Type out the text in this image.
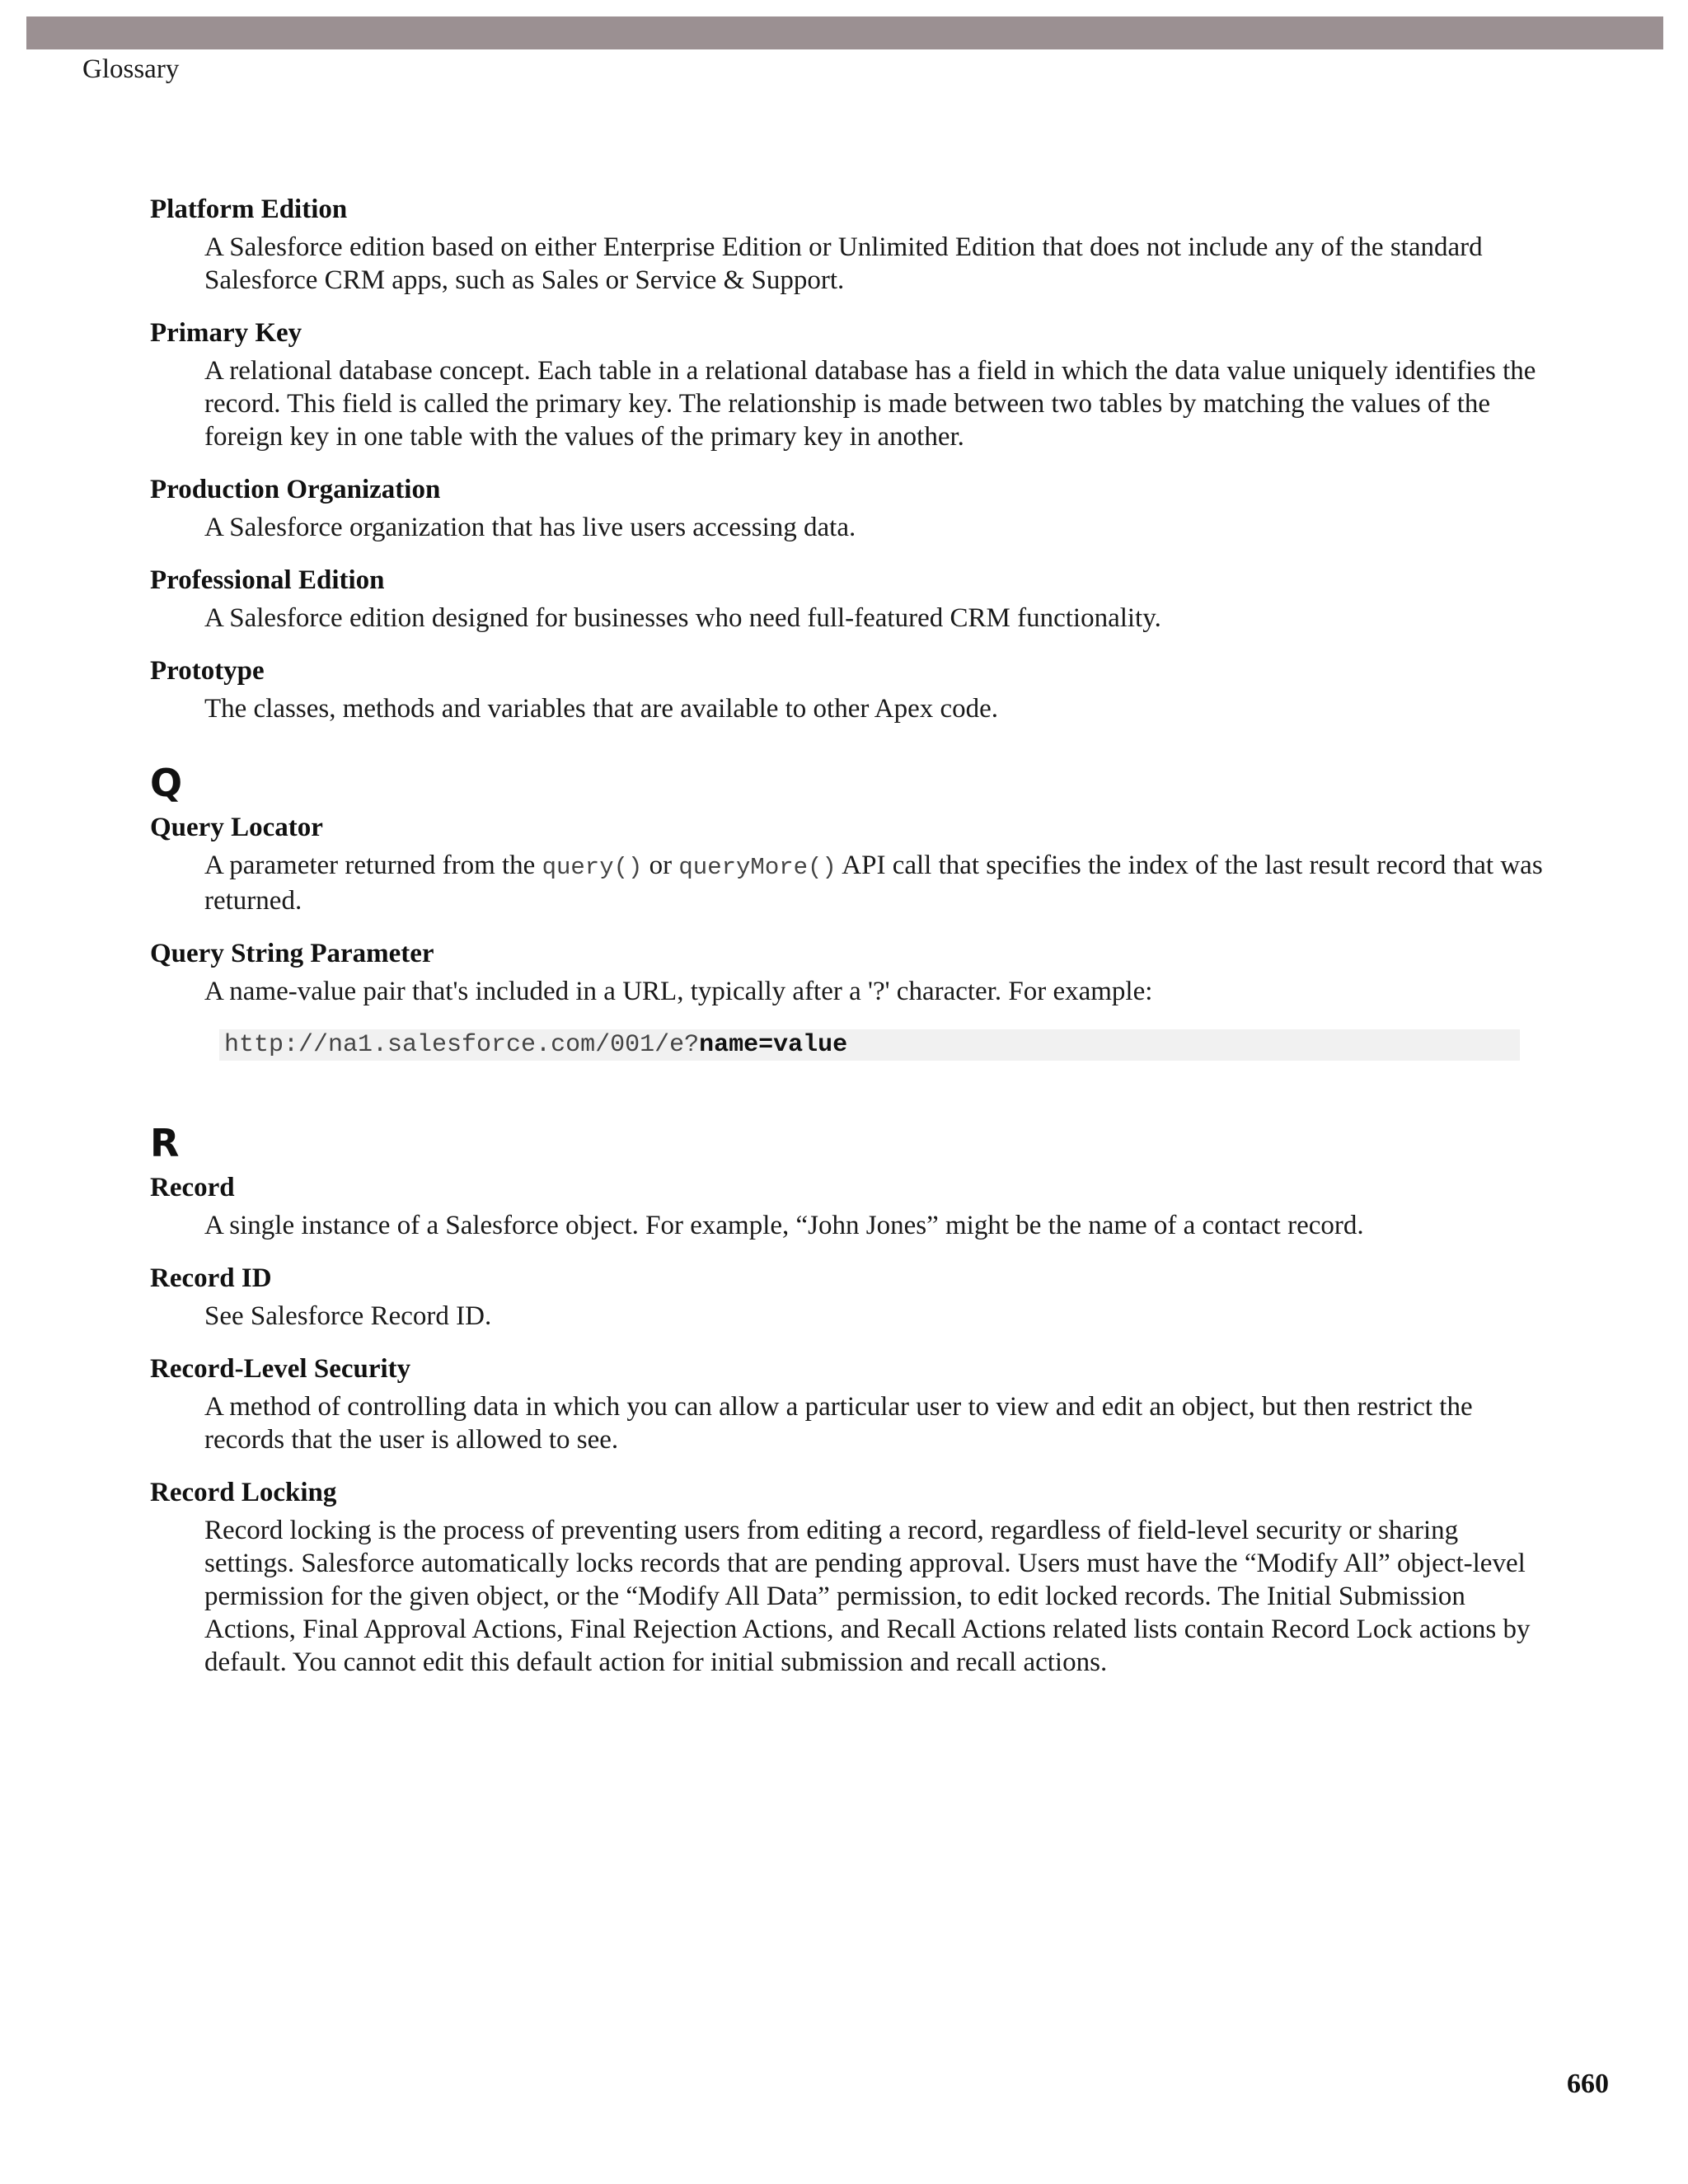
Glossary

Platform Edition

A Salesforce edition based on either Enterprise Edition or Unlimited Edition that does not include any of the standard Salesforce CRM apps, such as Sales or Service & Support.

Primary Key

A relational database concept. Each table in a relational database has a field in which the data value uniquely identifies the record. This field is called the primary key. The relationship is made between two tables by matching the values of the foreign key in one table with the values of the primary key in another.

Production Organization

A Salesforce organization that has live users accessing data.

Professional Edition

A Salesforce edition designed for businesses who need full-featured CRM functionality.

Prototype

The classes, methods and variables that are available to other Apex code.

Q

Query Locator

A parameter returned from the query() or queryMore() API call that specifies the index of the last result record that was returned.

Query String Parameter

A name-value pair that's included in a URL, typically after a '?' character. For example:

http://na1.salesforce.com/001/e?name=value
R

Record

A single instance of a Salesforce object. For example, “John Jones” might be the name of a contact record.

Record ID

See Salesforce Record ID.

Record-Level Security

A method of controlling data in which you can allow a particular user to view and edit an object, but then restrict the records that the user is allowed to see.

Record Locking

Record locking is the process of preventing users from editing a record, regardless of field-level security or sharing settings. Salesforce automatically locks records that are pending approval. Users must have the “Modify All” object-level permission for the given object, or the “Modify All Data” permission, to edit locked records. The Initial Submission Actions, Final Approval Actions, Final Rejection Actions, and Recall Actions related lists contain Record Lock actions by default. You cannot edit this default action for initial submission and recall actions.

660
